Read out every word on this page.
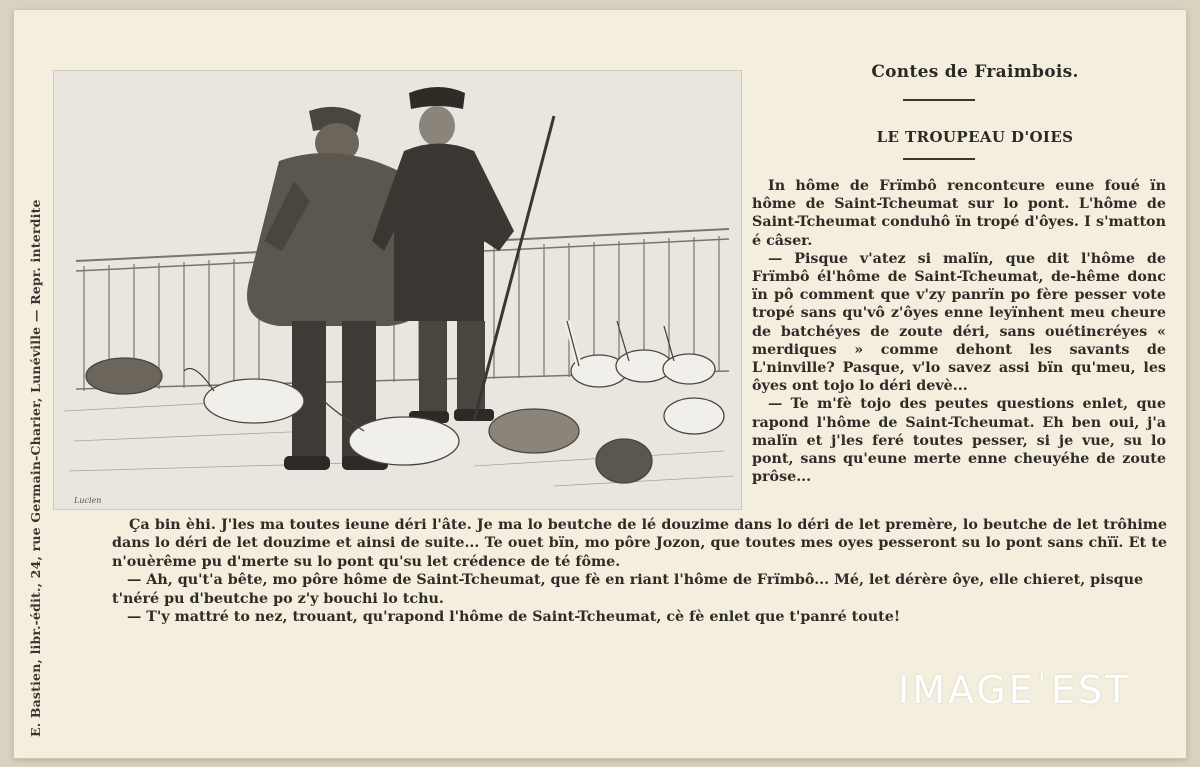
E. Bastien, libr.-édit., 24, rue Germain-Charier, Lunéville — Repr. interdite	Lucien
Contes de Fraimbois.
LE TROUPEAU D'OIES

In hôme de Frïmbô rencontєure eune foué ïn hôme de Saint-Tcheumat sur lo pont. L'hôme de Saint-Tcheumat conduhô ïn tropé d'ôyes. I s'matton é câser.

— Pisque v'atez si malïn, que dit l'hôme de Frïmbô él'hôme de Saint-Tcheumat, de-hême donc ïn pô comment que v'zy panrïn po fère pesser vote tropé sans qu'vô z'ôyes enne leyïnhent meu cheure de batchéyes de zoute déri, sans ouétinєréyes « merdiques » comme dehont les savants de L'ninville? Pasque, v'lo savez assi bïn qu'meu, les ôyes ont tojo lo déri devè...

— Te m'fè tojo des peutes questions enlet, que rapond l'hôme de Saint-Tcheumat. Eh ben oui, j'a malïn et j'les feré toutes pesser, si je vue, su lo pont, sans qu'eune merte enne cheuyéhe de zoute prôse...

Ça bin èhi. J'les ma toutes ieune déri l'âte. Je ma lo beutche de lé douzime dans lo déri de let premère, lo beutche de let trôhime dans lo déri de let douzime et ainsi de suite... Te ouet bïn, mo pôre Jozon, que toutes mes oyes pesseront su lo pont sans chïï. Et te n'ouèrême pu d'merte su lo pont qu'su let crédence de té fôme.

— Ah, qu't'a bête, mo pôre hôme de Saint-Tcheumat, que fè en riant l'hôme de Frïmbô... Mé, let dérère ôye, elle chieret, pisque t'néré pu d'beutche po z'y bouchi lo tchu.

— T'y mattré to nez, trouant, qu'rapond l'hôme de Saint-Tcheumat, cè fè enlet que t'panré toute!

IMAGE'EST
